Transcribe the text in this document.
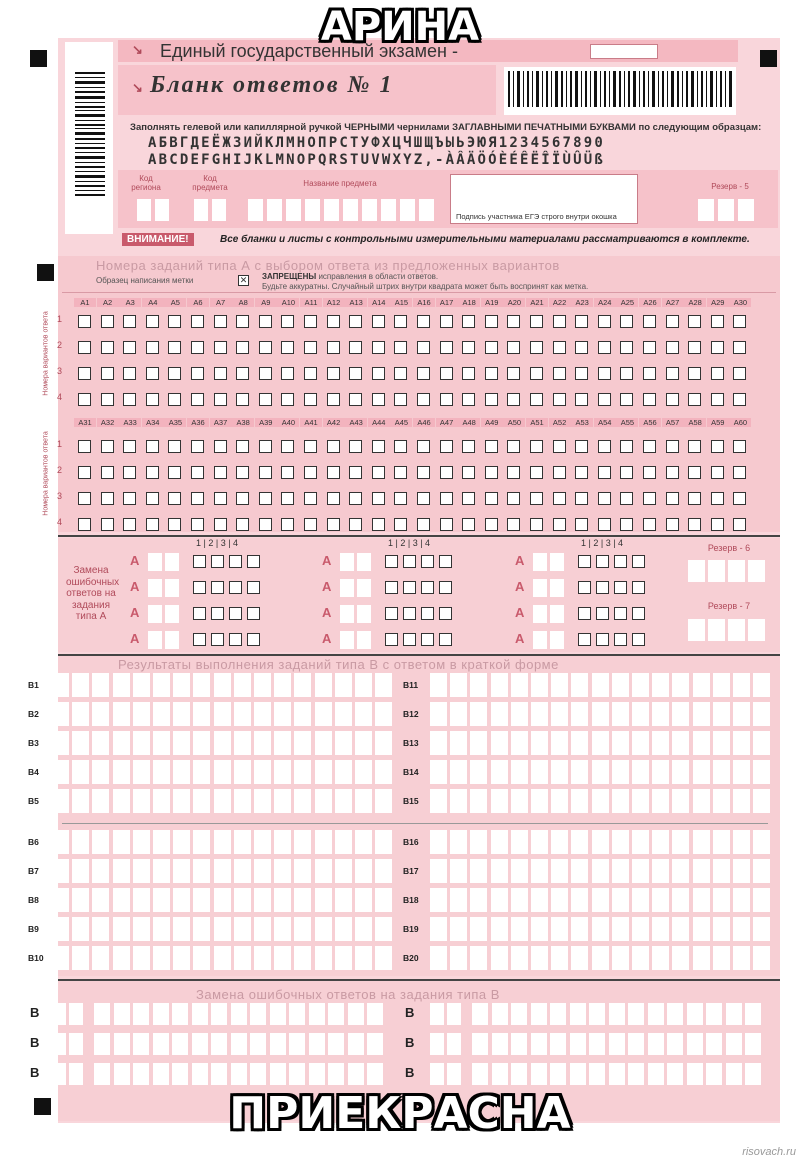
↘ Единый государственный экзамен -
↘ Бланк ответов № 1
Заполнять гелевой или капиллярной ручкой ЧЕРНЫМИ чернилами ЗАГЛАВНЫМИ ПЕЧАТНЫМИ БУКВАМИ по следующим образцам:
АБВГДЕЁЖЗИЙКЛМНОПРСТУФХЦЧШЩЪЫЬЭЮЯ1234567890
ABCDEFGHIJKLMNOPQRSTUVWXYZ,-ÀÂÄÖÓÈÉÊËÎÏÙÛÜß
Код региона
Код предмета	Название предмета
Подпись участника ЕГЭ строго внутри окошка
Резерв - 5
ВНИМАНИЕ!	Все бланки и листы с контрольными измерительными материалами рассматриваются в комплекте.
Номера заданий типа А с выбором ответа из предложенных вариантов
Образец написания метки	✕ ЗАПРЕЩЕНЫ исправления в области ответов.
Будьте аккуратны. Случайный штрих внутри квадрата может быть воспринят как метка.
Номера вариантов ответа
Номера вариантов ответа
A1	A2	A3	A4	A5	A6	A7	A8	A9	A10	A11	A12	A13	A14	A15	A16	A17	A18	A19	A20	A21	A22	A23	A24	A25	A26	A27	A28	A29	A30
1
2
3
4
A31	A32	A33	A34	A35	A36	A37	A38	A39	A40	A41	A42	A43	A44	A45	A46	A47	A48	A49	A50	A51	A52	A53	A54	A55	A56	A57	A58	A59	A60
1
2
3
4
Замена ошибочных ответов на задания типа А
1 | 2 | 3 | 4
А
А
А
А
1 | 2 | 3 | 4
А
А
А
А
1 | 2 | 3 | 4
А
А
А
А
Резерв - 6
Резерв - 7
Результаты выполнения заданий типа B с ответом в краткой форме
B1
B2
B3
B4
B5
B6
B7
B8
B9
B10
B11
B12
B13
B14
B15
B16
B17
B18
B19
B20
Замена ошибочных ответов на задания типа В
В	В
В	В
В	В
АРИНА
ПРИЕКРАСНА
risovach.ru
